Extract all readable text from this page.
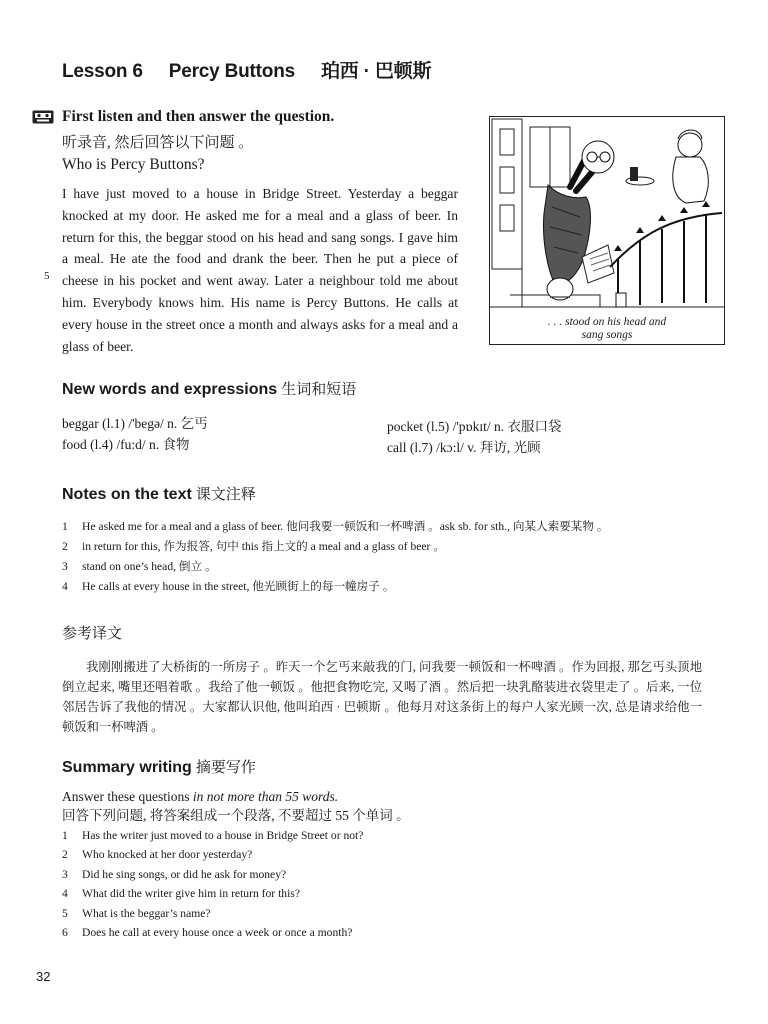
Lesson 6 Percy Buttons 珀西 · 巴顿斯
First listen and then answer the question.
听录音, 然后回答以下问题 。
Who is Percy Buttons?
5

I have just moved to a house in Bridge Street. Yesterday a beggar knocked at my door. He asked me for a meal and a glass of beer. In return for this, the beggar stood on his head and sang songs. I gave him a meal. He ate the food and drank the beer. Then he put a piece of cheese in his pocket and went away. Later a neighbour told me about him. Everybody knows him. His name is Percy Buttons. He calls at every house in the street once a month and always asks for a meal and a glass of beer.

. . . stood on his head and
sang songs
New words and expressions 生词和短语
beggar (l.1) /'begə/ n. 乞丐
food (l.4) /fu:d/ n. 食物
pocket (l.5) /'pɒkɪt/ n. 衣服口袋
call (l.7) /kɔ:l/ v. 拜访, 光顾
Notes on the text 课文注释
1	He asked me for a meal and a glass of beer. 他问我要一顿饭和一杯啤酒 。ask sb. for sth., 向某人索要某物 。
2	in return for this, 作为报答, 句中 this 指上文的 a meal and a glass of beer 。
3	stand on one’s head, 倒立 。
4	He calls at every house in the street, 他光顾街上的每一幢房子 。
参考译文

我刚刚搬进了大桥街的一所房子 。昨天一个乞丐来敲我的门, 问我要一顿饭和一杯啤酒 。作为回报, 那乞丐头顶地倒立起来, 嘴里还唱着歌 。我给了他一顿饭 。他把食物吃完, 又喝了酒 。然后把一块乳酪装进衣袋里走了 。后来, 一位邻居告诉了我他的情况 。大家都认识他, 他叫珀西 · 巴顿斯 。他每月对这条街上的每户人家光顾一次, 总是请求给他一顿饭和一杯啤酒 。

Summary writing 摘要写作
Answer these questions in not more than 55 words.
回答下列问题, 将答案组成一个段落, 不要超过 55 个单词 。
1	Has the writer just moved to a house in Bridge Street or not?
2	Who knocked at her door yesterday?
3	Did he sing songs, or did he ask for money?
4	What did the writer give him in return for this?
5	What is the beggar’s name?
6	Does he call at every house once a week or once a month?
32
